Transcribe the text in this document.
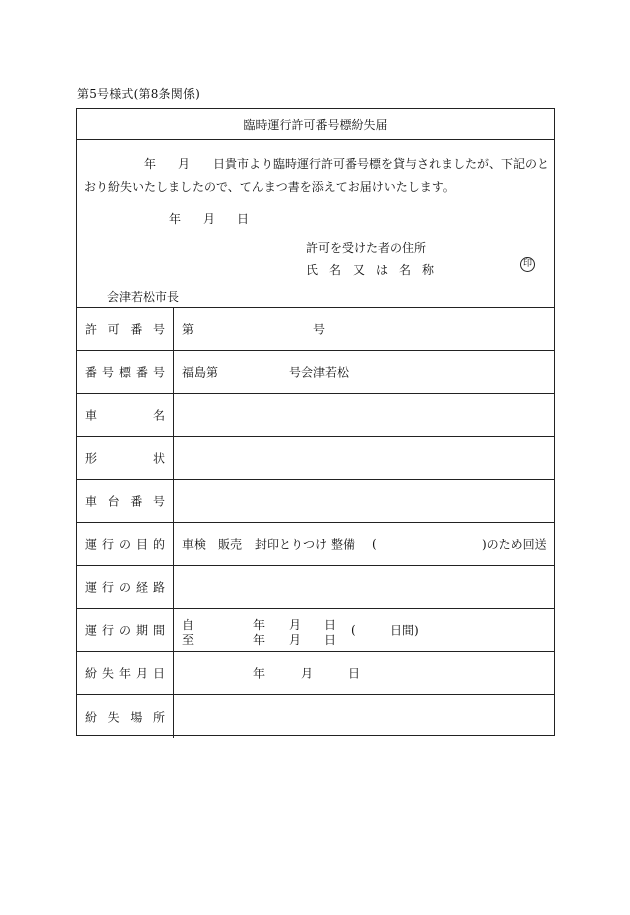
第5号様式(第8条関係)
臨時運行許可番号標紛失届
年 月 日貴市より臨時運行許可番号標を貸与されましたが、下記のと
おり紛失いたしましたので、てんまつ書を添えてお届けいたします。
年 月 日
許可を受けた者の住所
氏 名 又 は 名 称	印
会津若松市長
許 可 番 号 第	号
番 号 標 番 号 福島第	号会津若松
車	名
形	状
車 台 番 号
運 行 の 目 的 車検 販売 封印とりつけ 整備 (	)のため回送
運 行 の 経 路
運 行 の 期 間 自	年 月 日
至	年 月 日
(	日間)
紛 失 年 月 日	年	月	日
紛 失 場 所
